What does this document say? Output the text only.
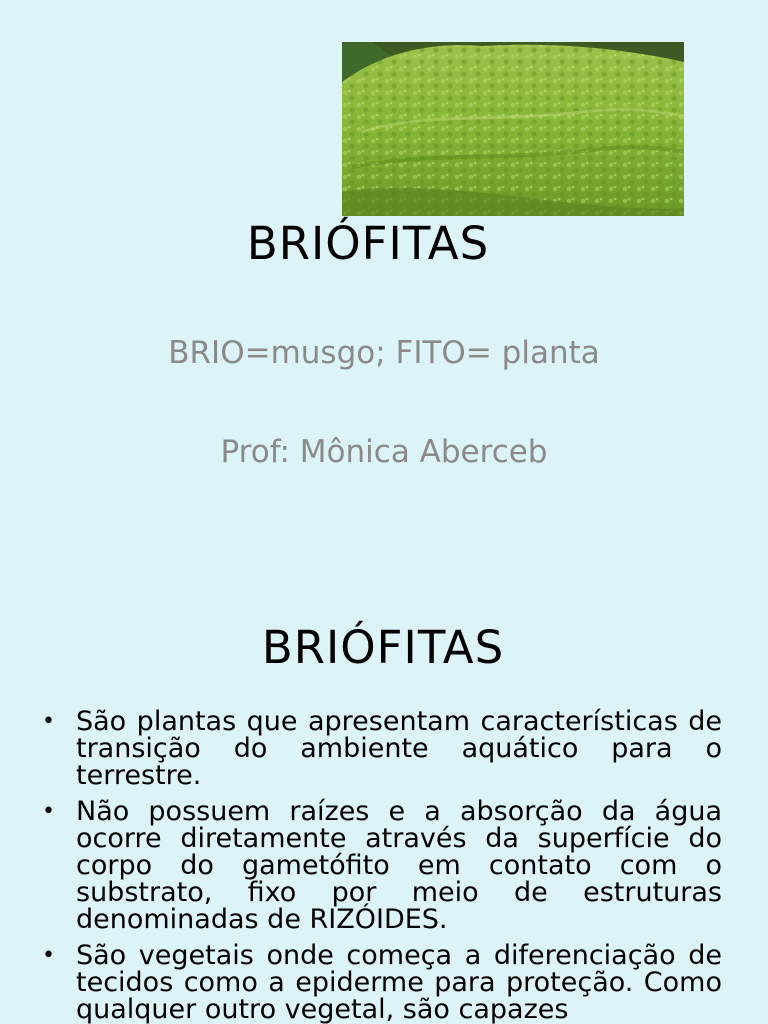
BRIÓFITAS
BRIO=musgo; FITO= planta
Prof: Mônica Aberceb
BRIÓFITAS
• São plantas que apresentam características de transição do ambiente aquático para o terrestre.
• Não possuem raízes e a absorção da água ocorre diretamente através da superfície do corpo do gametófito em contato com o substrato, fixo por meio de estruturas denominadas de RIZÓIDES.
• São vegetais onde começa a diferenciação de tecidos como a epiderme para proteção. Como qualquer outro vegetal, são capazes
